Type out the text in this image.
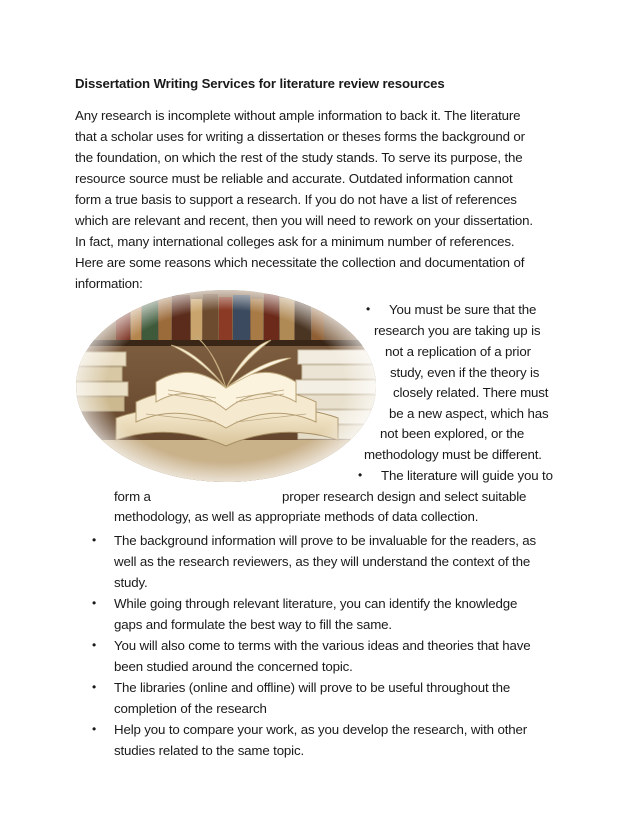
Dissertation Writing Services for literature review resources
Any research is incomplete without ample information to back it. The literature
that a scholar uses for writing a dissertation or theses forms the background or
the foundation, on which the rest of the study stands. To serve its purpose, the
resource source must be reliable and accurate. Outdated information cannot
form a true basis to support a research. If you do not have a list of references
which are relevant and recent, then you will need to rework on your dissertation.
In fact, many international colleges ask for a minimum number of references.
Here are some reasons which necessitate the collection and documentation of
information:
• You must be sure that the
research you are taking up is
not a replication of a prior
study, even if the theory is
closely related. There must
be a new aspect, which has
not been explored, or the
methodology must be different.
• The literature will guide you to
form a	proper research design and select suitable
methodology, as well as appropriate methods of data collection.
• The background information will prove to be invaluable for the readers, as
well as the research reviewers, as they will understand the context of the
study.
• While going through relevant literature, you can identify the knowledge
gaps and formulate the best way to fill the same.
• You will also come to terms with the various ideas and theories that have
been studied around the concerned topic.
• The libraries (online and offline) will prove to be useful throughout the
completion of the research
• Help you to compare your work, as you develop the research, with other
studies related to the same topic.
